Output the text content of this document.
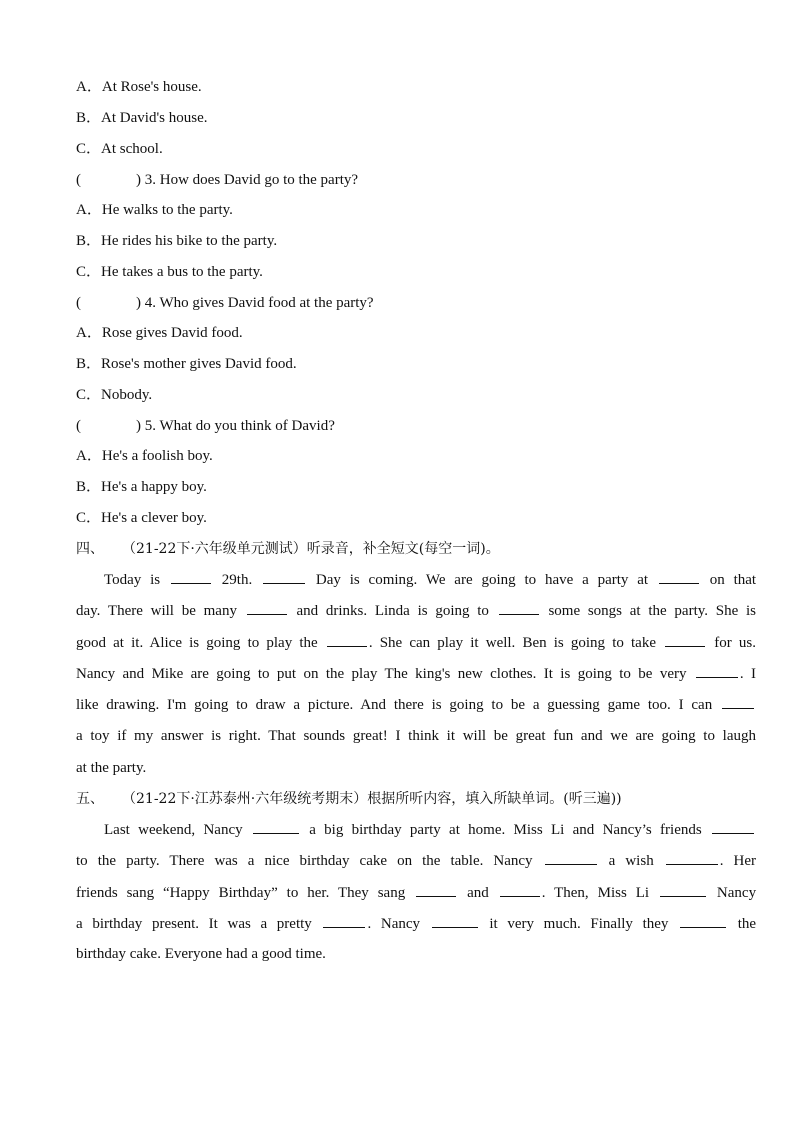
A．At Rose's house.
B．At David's house.
C．At school.
(	) 3. How does David go to the party?
A．He walks to the party.
B．He rides his bike to the party.
C．He takes a bus to the party.
(	) 4. Who gives David food at the party?
A．Rose gives David food.
B．Rose's mother gives David food.
C．Nobody.
(	) 5. What do you think of David?
A．He's a foolish boy.
B．He's a happy boy.
C．He's a clever boy.
四、 （21-22下·六年级单元测试）听录音，补全短文(每空一词)。
Today is	29th.	Day is coming. We are going to have a party at	on that
day. There will be many	and drinks. Linda is going to	some songs at the party. She is
good at it. Alice is going to play the	. She can play it well. Ben is going to take	for us.
Nancy and Mike are going to put on the play The king's new clothes. It is going to be very	. I
like drawing. I'm going to draw a picture. And there is going to be a guessing game too. I can
a toy if my answer is right. That sounds great! I think it will be great fun and we are going to laugh
at the party.
五、 （21-22下·江苏泰州·六年级统考期末）根据所听内容，填入所缺单词。(听三遍))
Last weekend, Nancy	a big birthday party at home. Miss Li and Nancy’s friends
to the party. There was a nice birthday cake on the table. Nancy	a wish	. Her
friends sang “Happy Birthday” to her. They sang	and	. Then, Miss Li	Nancy
a birthday present. It was a pretty	. Nancy	it very much. Finally they	the
birthday cake. Everyone had a good time.
